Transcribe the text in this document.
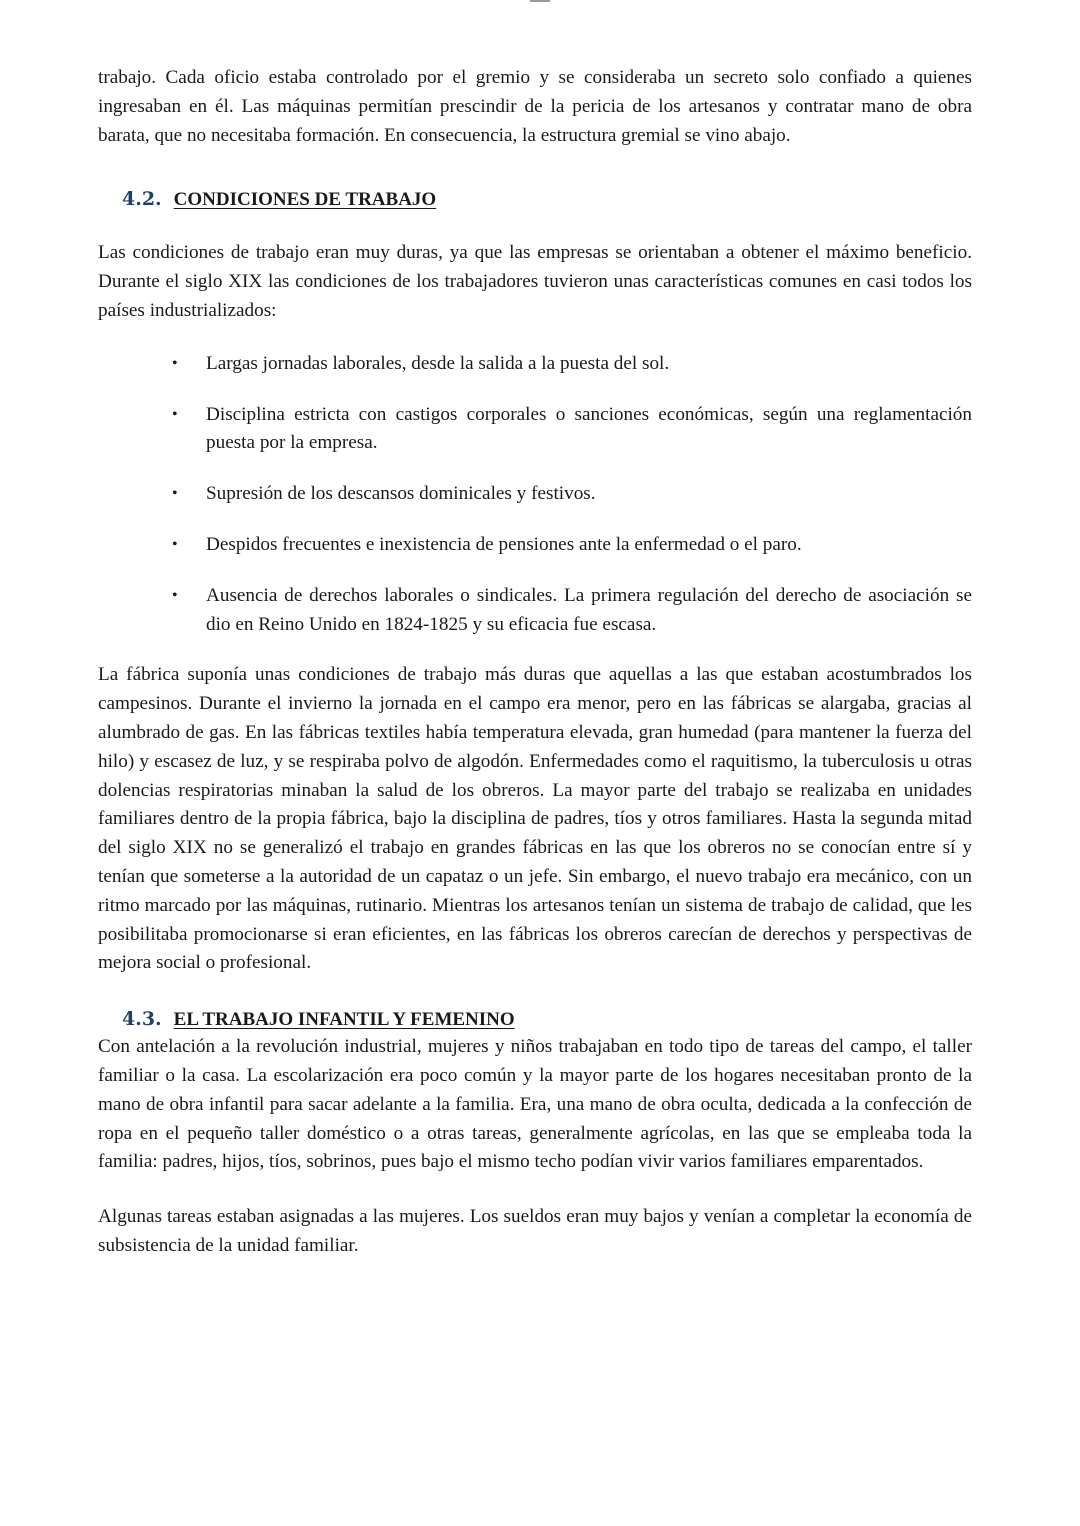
trabajo. Cada oficio estaba controlado por el gremio y se consideraba un secreto solo confiado a quienes ingresaban en él. Las máquinas permitían prescindir de la pericia de los artesanos y contratar mano de obra barata, que no necesitaba formación. En consecuencia, la estructura gremial se vino abajo.

4.2. CONDICIONES DE TRABAJO

Las condiciones de trabajo eran muy duras, ya que las empresas se orientaban a obtener el máximo beneficio. Durante el siglo XIX las condiciones de los trabajadores tuvieron unas características comunes en casi todos los países industrializados:

• Largas jornadas laborales, desde la salida a la puesta del sol.

• Disciplina estricta con castigos corporales o sanciones económicas, según una reglamentación puesta por la empresa.

• Supresión de los descansos dominicales y festivos.

• Despidos frecuentes e inexistencia de pensiones ante la enfermedad o el paro.

• Ausencia de derechos laborales o sindicales. La primera regulación del derecho de asociación se dio en Reino Unido en 1824-1825 y su eficacia fue escasa.

La fábrica suponía unas condiciones de trabajo más duras que aquellas a las que estaban acostumbrados los campesinos. Durante el invierno la jornada en el campo era menor, pero en las fábricas se alargaba, gracias al alumbrado de gas. En las fábricas textiles había temperatura elevada, gran humedad (para mantener la fuerza del hilo) y escasez de luz, y se respiraba polvo de algodón. Enfermedades como el raquitismo, la tuberculosis u otras dolencias respiratorias minaban la salud de los obreros. La mayor parte del trabajo se realizaba en unidades familiares dentro de la propia fábrica, bajo la disciplina de padres, tíos y otros familiares. Hasta la segunda mitad del siglo XIX no se generalizó el trabajo en grandes fábricas en las que los obreros no se conocían entre sí y tenían que someterse a la autoridad de un capataz o un jefe. Sin embargo, el nuevo trabajo era mecánico, con un ritmo marcado por las máquinas, rutinario. Mientras los artesanos tenían un sistema de trabajo de calidad, que les posibilitaba promocionarse si eran eficientes, en las fábricas los obreros carecían de derechos y perspectivas de mejora social o profesional.

4.3. EL TRABAJO INFANTIL Y FEMENINO

Con antelación a la revolución industrial, mujeres y niños trabajaban en todo tipo de tareas del campo, el taller familiar o la casa. La escolarización era poco común y la mayor parte de los hogares necesitaban pronto de la mano de obra infantil para sacar adelante a la familia. Era, una mano de obra oculta, dedicada a la confección de ropa en el pequeño taller doméstico o a otras tareas, generalmente agrícolas, en las que se empleaba toda la familia: padres, hijos, tíos, sobrinos, pues bajo el mismo techo podían vivir varios familiares emparentados.

Algunas tareas estaban asignadas a las mujeres. Los sueldos eran muy bajos y venían a completar la economía de subsistencia de la unidad familiar.
